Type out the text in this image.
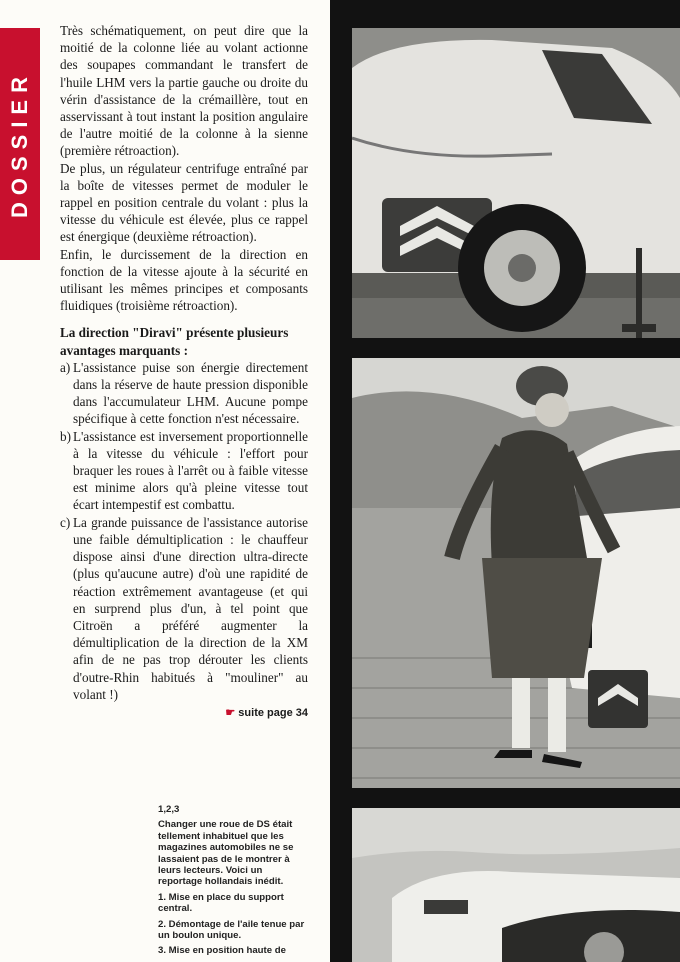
DOSSIER

Très schématiquement, on peut dire que la moitié de la colonne liée au volant actionne des soupapes commandant le transfert de l'huile LHM vers la partie gauche ou droite du vérin d'assistance de la crémaillère, tout en asservissant à tout instant la position angulaire de l'autre moitié de la colonne à la sienne (première rétroaction).

De plus, un régulateur centrifuge entraîné par la boîte de vitesses permet de moduler le rappel en position centrale du volant : plus la vitesse du véhicule est élevée, plus ce rappel est énergique (deuxième rétroaction).

Enfin, le durcissement de la direction en fonction de la vitesse ajoute à la sécurité en utilisant les mêmes principes et composants fluidiques (troisième rétroaction).

La direction "Diravi" présente plusieurs avantages marquants :

a) L'assistance puise son énergie directement dans la réserve de haute pression disponible dans l'accumulateur LHM. Aucune pompe spécifique à cette fonction n'est nécessaire.
b) L'assistance est inversement proportionnelle à la vitesse du véhicule : l'effort pour braquer les roues à l'arrêt ou à faible vitesse est minime alors qu'à pleine vitesse tout écart intempestif est combattu.
c) La grande puissance de l'assistance autorise une faible démultiplication : le chauffeur dispose ainsi d'une direction ultra-directe (plus qu'aucune autre) d'où une rapidité de réaction extrêmement avantageuse (et qui en surprend plus d'un, à tel point que Citroën a préféré augmenter la démultiplication de la direction de la XM afin de ne pas trop dérouter les clients d'outre-Rhin habitués à "mouliner" au volant !)
☛ suite page 34

1,2,3

Changer une roue de DS était tellement inhabituel que les magazines automobiles ne se lassaient pas de le montrer à leurs lecteurs. Voici un reportage hollandais inédit.

1. Mise en place du support central.

2. Démontage de l'aile tenue par un boulon unique.

3. Mise en position haute de
